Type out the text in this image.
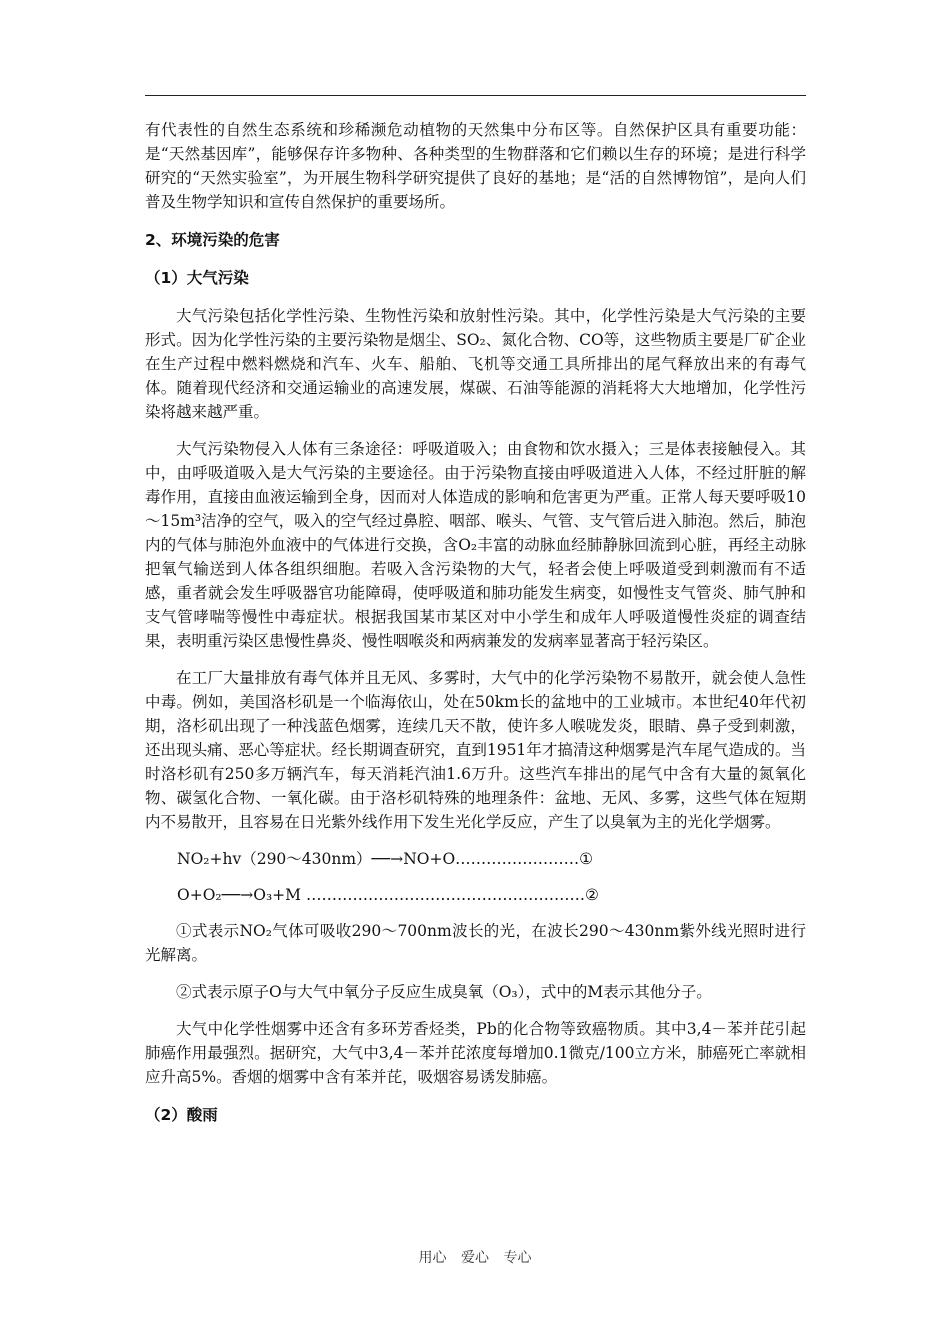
有代表性的自然生态系统和珍稀濒危动植物的天然集中分布区等。自然保护区具有重要功能：是“天然基因库”，能够保存许多物种、各种类型的生物群落和它们赖以生存的环境；是进行科学研究的“天然实验室”，为开展生物科学研究提供了良好的基地；是“活的自然博物馆”，是向人们普及生物学知识和宣传自然保护的重要场所。

2、环境污染的危害

（1）大气污染

大气污染包括化学性污染、生物性污染和放射性污染。其中，化学性污染是大气污染的主要形式。因为化学性污染的主要污染物是烟尘、SO₂、氮化合物、CO等，这些物质主要是厂矿企业在生产过程中燃料燃烧和汽车、火车、船舶、飞机等交通工具所排出的尾气释放出来的有毒气体。随着现代经济和交通运输业的高速发展，煤碳、石油等能源的消耗将大大地增加，化学性污染将越来越严重。

大气污染物侵入人体有三条途径：呼吸道吸入；由食物和饮水摄入；三是体表接触侵入。其中，由呼吸道吸入是大气污染的主要途径。由于污染物直接由呼吸道进入人体，不经过肝脏的解毒作用，直接由血液运输到全身，因而对人体造成的影响和危害更为严重。正常人每天要呼吸10～15m³洁净的空气，吸入的空气经过鼻腔、咽部、喉头、气管、支气管后进入肺泡。然后，肺泡内的气体与肺泡外血液中的气体进行交换，含O₂丰富的动脉血经肺静脉回流到心脏，再经主动脉把氧气输送到人体各组织细胞。若吸入含污染物的大气，轻者会使上呼吸道受到刺激而有不适感，重者就会发生呼吸器官功能障碍，使呼吸道和肺功能发生病变，如慢性支气管炎、肺气肿和支气管哮喘等慢性中毒症状。根据我国某市某区对中小学生和成年人呼吸道慢性炎症的调查结果，表明重污染区患慢性鼻炎、慢性咽喉炎和两病兼发的发病率显著高于轻污染区。

在工厂大量排放有毒气体并且无风、多雾时，大气中的化学污染物不易散开，就会使人急性中毒。例如，美国洛杉矶是一个临海依山，处在50km长的盆地中的工业城市。本世纪40年代初期，洛杉矶出现了一种浅蓝色烟雾，连续几天不散，使许多人喉咙发炎，眼睛、鼻子受到刺激，还出现头痛、恶心等症状。经长期调查研究，直到1951年才搞清这种烟雾是汽车尾气造成的。当时洛杉矶有250多万辆汽车，每天消耗汽油1.6万升。这些汽车排出的尾气中含有大量的氮氧化物、碳氢化合物、一氧化碳。由于洛杉矶特殊的地理条件：盆地、无风、多雾，这些气体在短期内不易散开，且容易在日光紫外线作用下发生光化学反应，产生了以臭氧为主的光化学烟雾。

NO₂+hv（290～430nm）──→NO+O……………………①

O+O₂──→O₃+M ………………………………………………②

①式表示NO₂气体可吸收290～700nm波长的光，在波长290～430nm紫外线光照时进行光解离。

②式表示原子O与大气中氧分子反应生成臭氧（O₃），式中的M表示其他分子。

大气中化学性烟雾中还含有多环芳香烃类，Pb的化合物等致癌物质。其中3,4－苯并芘引起肺癌作用最强烈。据研究，大气中3,4－苯并芘浓度每增加0.1微克/100立方米，肺癌死亡率就相应升高5%。香烟的烟雾中含有苯并芘，吸烟容易诱发肺癌。

（2）酸雨

用心 爱心 专心
